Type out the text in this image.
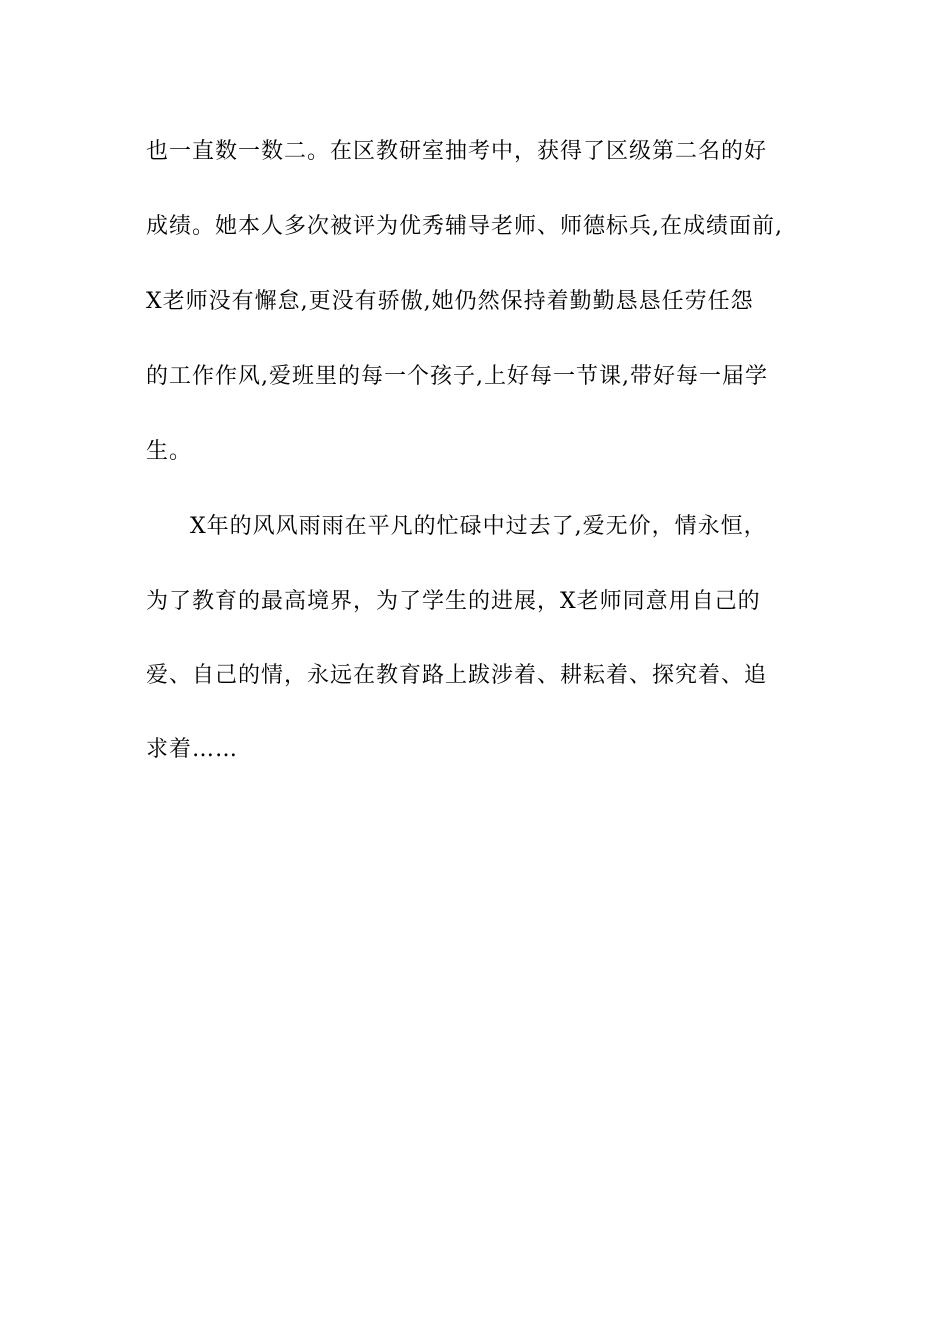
也一直数一数二。在区教研室抽考中，获得了区级第二名的好
成绩。她本人多次被评为优秀辅导老师、师德标兵,在成绩面前,
X老师没有懈怠,更没有骄傲,她仍然保持着勤勤恳恳任劳任怨
的工作作风,爱班里的每一个孩子,上好每一节课,带好每一届学
生。
X年的风风雨雨在平凡的忙碌中过去了,爱无价，情永恒，
为了教育的最高境界，为了学生的进展，X老师同意用自己的
爱、自己的情，永远在教育路上跋涉着、耕耘着、探究着、追
求着……
